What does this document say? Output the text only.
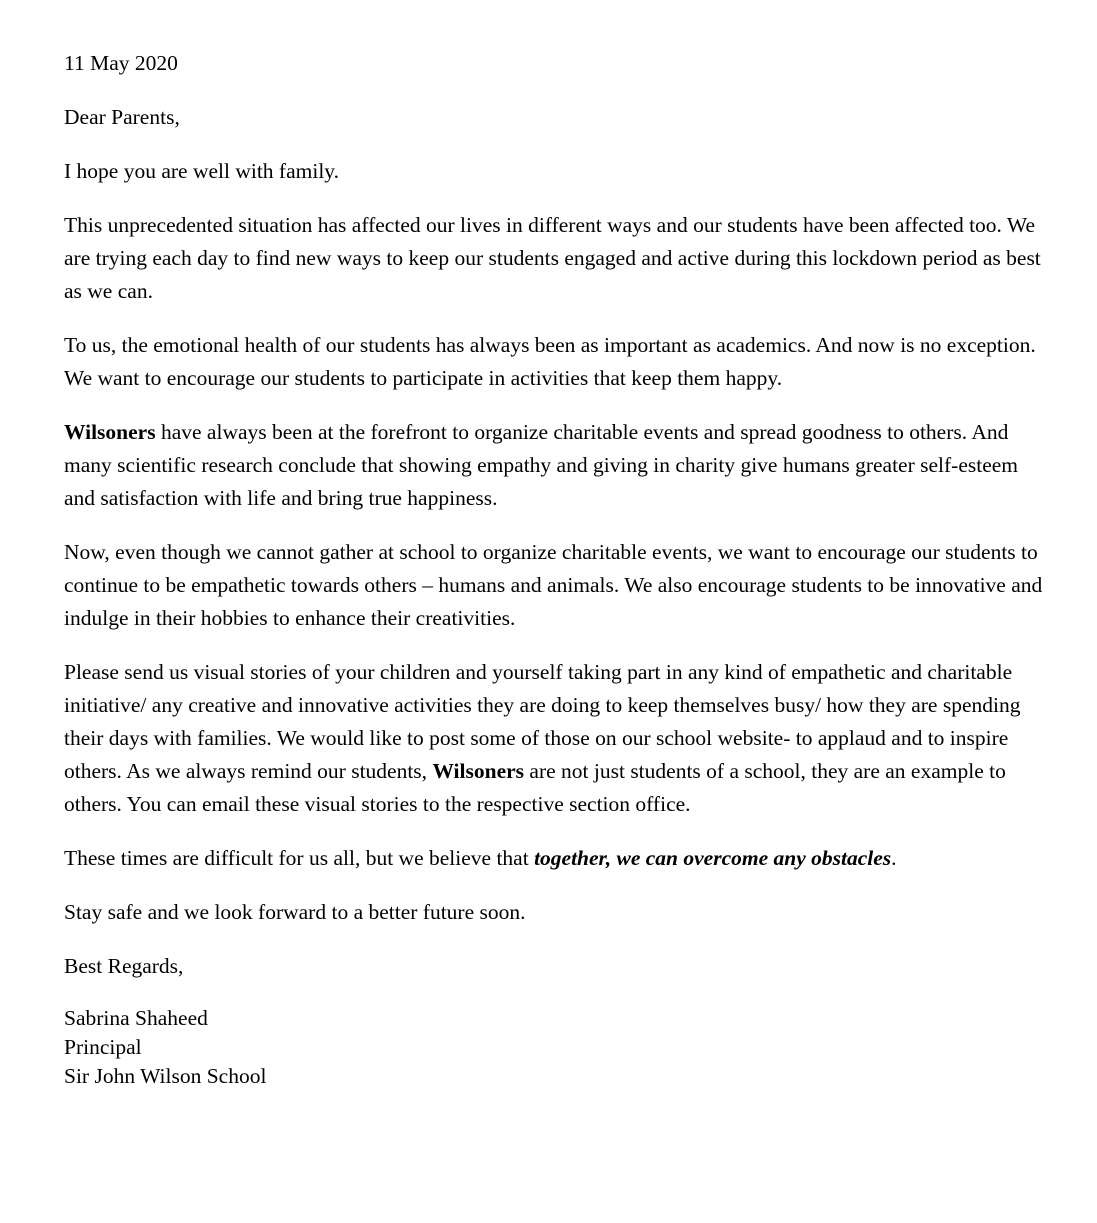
11 May 2020

Dear Parents,

I hope you are well with family.

This unprecedented situation has affected our lives in different ways and our students have been affected too. We are trying each day to find new ways to keep our students engaged and active during this lockdown period as best as we can.

To us, the emotional health of our students has always been as important as academics. And now is no exception. We want to encourage our students to participate in activities that keep them happy.

Wilsoners have always been at the forefront to organize charitable events and spread goodness to others. And many scientific research conclude that showing empathy and giving in charity give humans greater self-esteem and satisfaction with life and bring true happiness.

Now, even though we cannot gather at school to organize charitable events, we want to encourage our students to continue to be empathetic towards others – humans and animals. We also encourage students to be innovative and indulge in their hobbies to enhance their creativities.

Please send us visual stories of your children and yourself taking part in any kind of empathetic and charitable initiative/ any creative and innovative activities they are doing to keep themselves busy/ how they are spending their days with families. We would like to post some of those on our school website- to applaud and to inspire others. As we always remind our students, Wilsoners are not just students of a school, they are an example to others. You can email these visual stories to the respective section office.

These times are difficult for us all, but we believe that together, we can overcome any obstacles.

Stay safe and we look forward to a better future soon.

Best Regards,

Sabrina Shaheed
Principal
Sir John Wilson School
